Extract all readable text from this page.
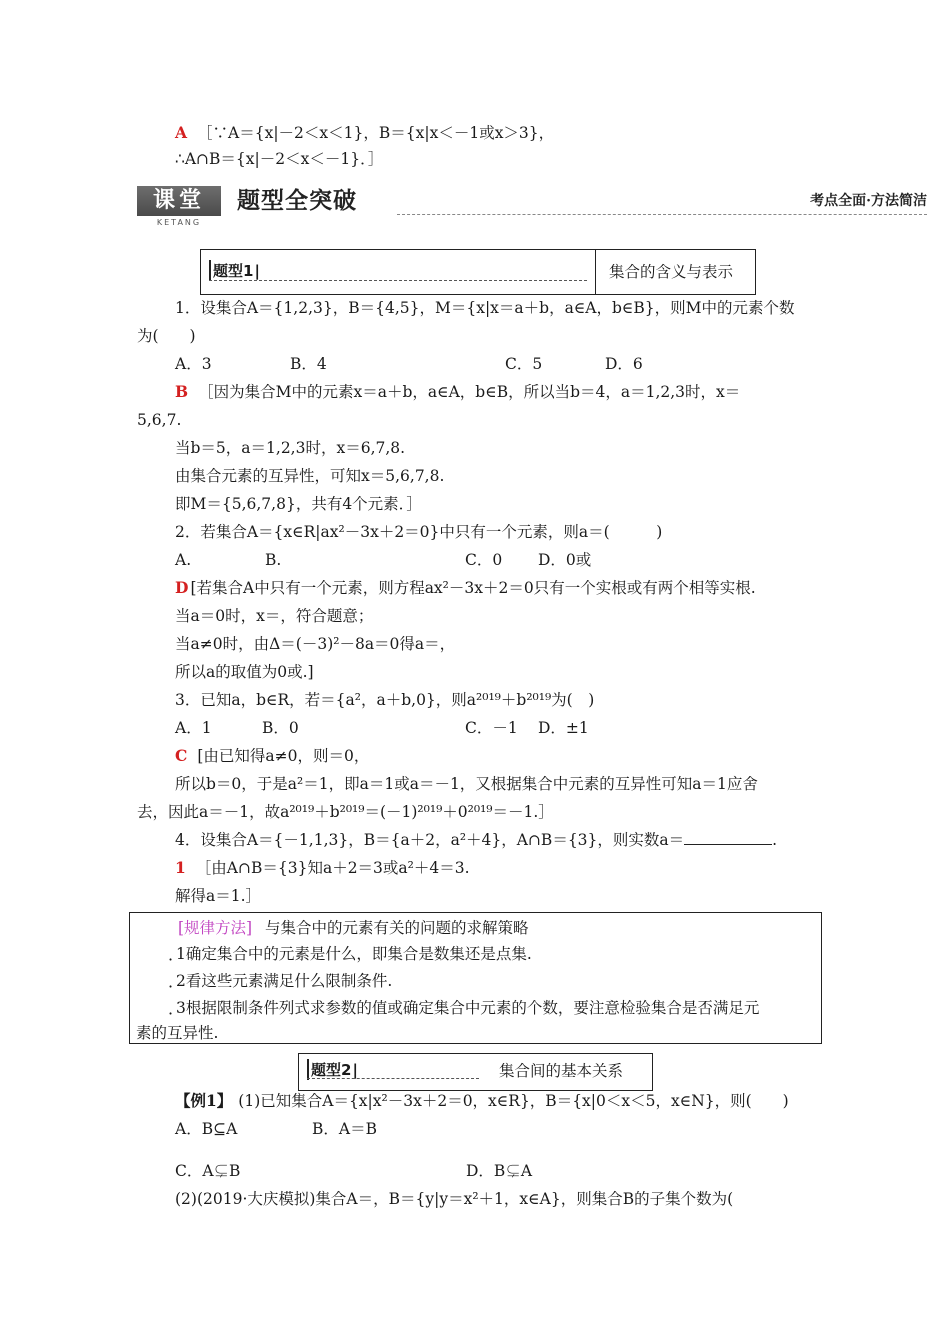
A ［∵A＝{x|－2＜x＜1}，B＝{x|x＜－1或x＞3}，
∴A∩B＝{x|－2＜x＜－1}．］
课堂
KETANG
题型全突破	考点全面·方法简洁
题型1 |	集合的含义与表示
1．设集合A＝{1,2,3}，B＝{4,5}，M＝{x|x＝a＋b，a∈A，b∈B}，则M中的元素个数
为(　　)
A．3	B．4	C．5	D．6
B ［因为集合M中的元素x＝a＋b，a∈A，b∈B，所以当b＝4，a＝1,2,3时，x＝
5,6,7.
当b＝5，a＝1,2,3时，x＝6,7,8.
由集合元素的互异性，可知x＝5,6,7,8.
即M＝{5,6,7,8}，共有4个元素．］
2．若集合A＝{x∈R|ax²－3x＋2＝0}中只有一个元素，则a＝(　　　)
A.	B.	C．0 D．0或
D [若集合A中只有一个元素，则方程ax²－3x＋2＝0只有一个实根或有两个相等实根.
当a＝0时，x＝，符合题意；
当a≠0时，由Δ＝(－3)²－8a＝0得a＝，
所以a的取值为0或.]
3．已知a，b∈R，若＝{a²，a＋b,0}，则a²⁰¹⁹＋b²⁰¹⁹为(　)
A．1	B．0	C．－1 D．±1
C [由已知得a≠0，则＝0，
所以b＝0，于是a²＝1，即a＝1或a＝－1，又根据集合中元素的互异性可知a＝1应舍
去，因此a＝－1，故a²⁰¹⁹＋b²⁰¹⁹＝(－1)²⁰¹⁹＋0²⁰¹⁹＝－1.］
4．设集合A＝{－1,1,3}，B＝{a＋2，a²＋4}，A∩B＝{3}，则实数a＝	.
1 ［由A∩B＝{3}知a＋2＝3或a²＋4＝3.
解得a＝1.］
[规律方法] 与集合中的元素有关的问题的求解策略
· 1确定集合中的元素是什么，即集合是数集还是点集.
· 2看这些元素满足什么限制条件.
· 3根据限制条件列式求参数的值或确定集合中元素的个数，要注意检验集合是否满足元
素的互异性.
题型2 |	集合间的基本关系
【例1】 (1)已知集合A＝{x|x²－3x＋2＝0，x∈R}，B＝{x|0＜x＜5，x∈N}，则(　　)
A．B⊆A	B．A＝B
C．A⊊B	D．B⊊A
(2)(2019·大庆模拟)集合A＝，B＝{y|y＝x²＋1，x∈A}，则集合B的子集个数为(
